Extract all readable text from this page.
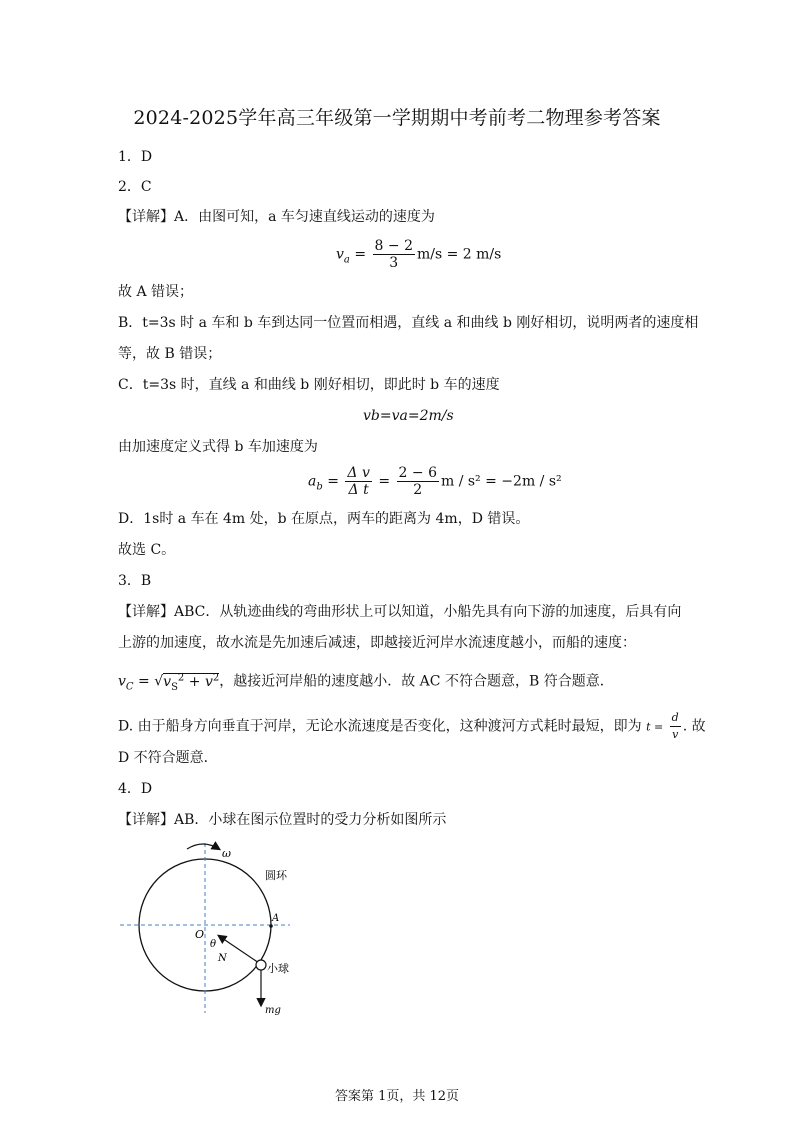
2024-2025学年高三年级第一学期期中考前考二物理参考答案
1．D
2．C
【详解】A．由图可知，a 车匀速直线运动的速度为
$v_a = \frac{8 - 2}{3} m/s = 2$ m/s
故 A 错误；
B．t=3s 时 a 车和 b 车到达同一位置而相遇，直线 a 和曲线 b 刚好相切，说明两者的速度相
等，故 B 错误；
C．t=3s 时，直线 a 和曲线 b 刚好相切，即此时 b 车的速度
vb=va=2m/s
由加速度定义式得 b 车加速度为
$a_b = \frac{\text{Δ v}}{\text{Δ t}} = \frac{2 - 6}{2}$ m / s² = −2m / s²
D．1s时 a 车在 4m 处，b 在原点，两车的距离为 4m，D 错误。
故选 C。
3．B
【详解】ABC．从轨迹曲线的弯曲形状上可以知道，小船先具有向下游的加速度，后具有向
上游的加速度，故水流是先加速后减速，即越接近河岸水流速度越小，而船的速度：
$v_C = √v_S^2 + v^2$，越接近河岸船的速度越小．故 AC 不符合题意，B 符合题意．
D. 由于船身方向垂直于河岸，无论水流速度是否变化，这种渡河方式耗时最短，即为 $t = \frac{d}{v}$ . 故
D 不符合题意．
4．D
【详解】AB．小球在图示位置时的受力分析如图所示
ω
圆环
A
O
θ
N
小球
mg
答案第 1页，共 12页
